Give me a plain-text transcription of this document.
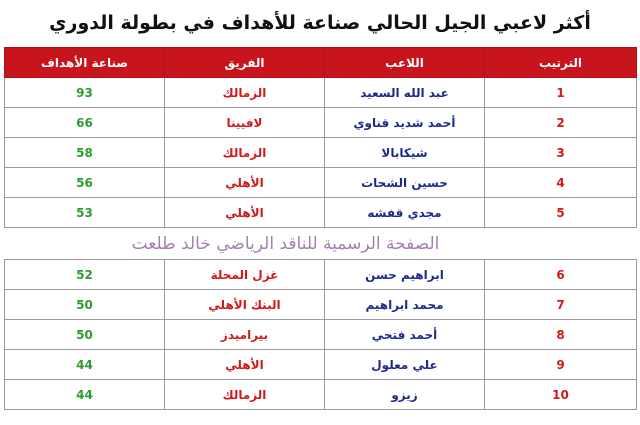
أكثر لاعبي الجيل الحالي صناعة للأهداف في بطولة الدوري
الترتيب	اللاعب	الفريق	صناعة الأهداف
1	عبد الله السعيد	الزمالك	93
2	أحمد شديد قناوي	لافيينا	66
3	شيكابالا	الزمالك	58
4	حسين الشحات	الأهلي	56
5	مجدي قفشه	الأهلي	53
الصفحة الرسمية للناقد الرياضي خالد طلعت			
6	ابراهيم حسن	غزل المحلة	52
7	محمد ابراهيم	البنك الأهلي	50
8	أحمد فتحي	بيراميدز	50
9	علي معلول	الأهلي	44
10	زيزو	الزمالك	44
